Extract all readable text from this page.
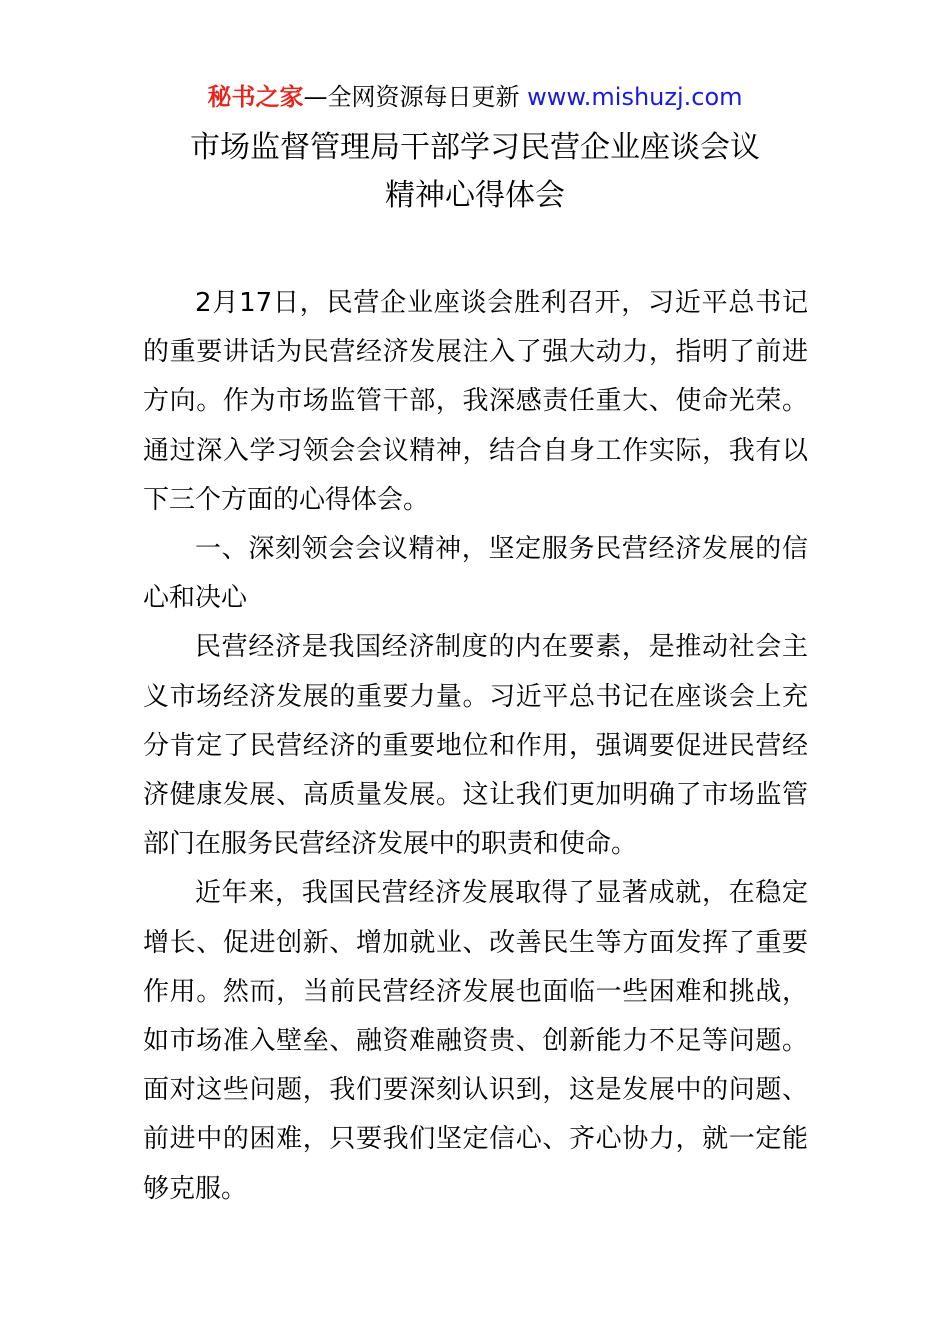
秘书之家—全网资源每日更新 www.mishuzj.com
市场监督管理局干部学习民营企业座谈会议
精神心得体会

2月17日，民营企业座谈会胜利召开，习近平总书记的重要讲话为民营经济发展注入了强大动力，指明了前进方向。作为市场监管干部，我深感责任重大、使命光荣。通过深入学习领会会议精神，结合自身工作实际，我有以下三个方面的心得体会。

一、深刻领会会议精神，坚定服务民营经济发展的信心和决心

民营经济是我国经济制度的内在要素，是推动社会主义市场经济发展的重要力量。习近平总书记在座谈会上充分肯定了民营经济的重要地位和作用，强调要促进民营经济健康发展、高质量发展。这让我们更加明确了市场监管部门在服务民营经济发展中的职责和使命。

近年来，我国民营经济发展取得了显著成就，在稳定增长、促进创新、增加就业、改善民生等方面发挥了重要作用。然而，当前民营经济发展也面临一些困难和挑战，如市场准入壁垒、融资难融资贵、创新能力不足等问题。面对这些问题，我们要深刻认识到，这是发展中的问题、前进中的困难，只要我们坚定信心、齐心协力，就一定能够克服。
